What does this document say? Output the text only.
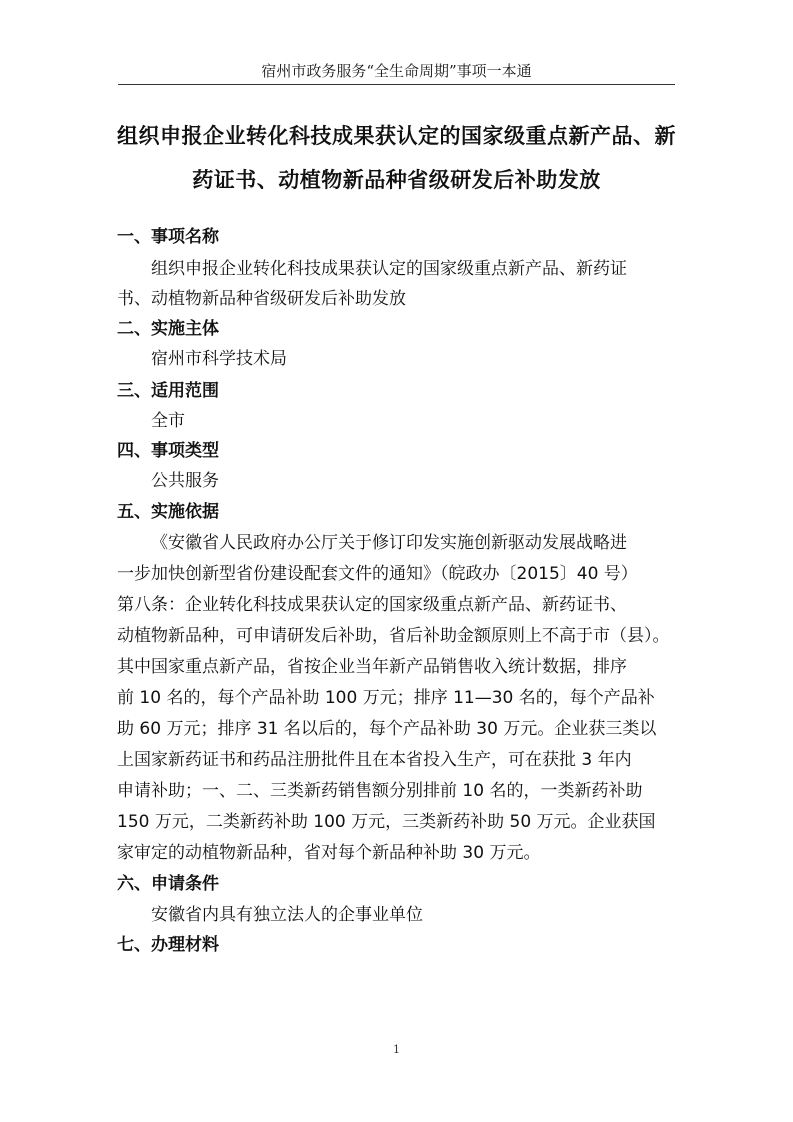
宿州市政务服务“全生命周期”事项一本通
组织申报企业转化科技成果获认定的国家级重点新产品、新
药证书、动植物新品种省级研发后补助发放
一、事项名称
组织申报企业转化科技成果获认定的国家级重点新产品、新药证
书、动植物新品种省级研发后补助发放
二、实施主体
宿州市科学技术局
三、适用范围
全市
四、事项类型
公共服务
五、实施依据
《安徽省人民政府办公厅关于修订印发实施创新驱动发展战略进
一步加快创新型省份建设配套文件的通知》（皖政办〔2015〕40 号）
第八条：企业转化科技成果获认定的国家级重点新产品、新药证书、
动植物新品种，可申请研发后补助，省后补助金额原则上不高于市（县）。
其中国家重点新产品，省按企业当年新产品销售收入统计数据，排序
前 10 名的，每个产品补助 100 万元；排序 11—30 名的，每个产品补
助 60 万元；排序 31 名以后的，每个产品补助 30 万元。企业获三类以
上国家新药证书和药品注册批件且在本省投入生产，可在获批 3 年内
申请补助；一、二、三类新药销售额分别排前 10 名的，一类新药补助
150 万元，二类新药补助 100 万元，三类新药补助 50 万元。企业获国
家审定的动植物新品种，省对每个新品种补助 30 万元。
六、申请条件
安徽省内具有独立法人的企事业单位
七、办理材料
1
